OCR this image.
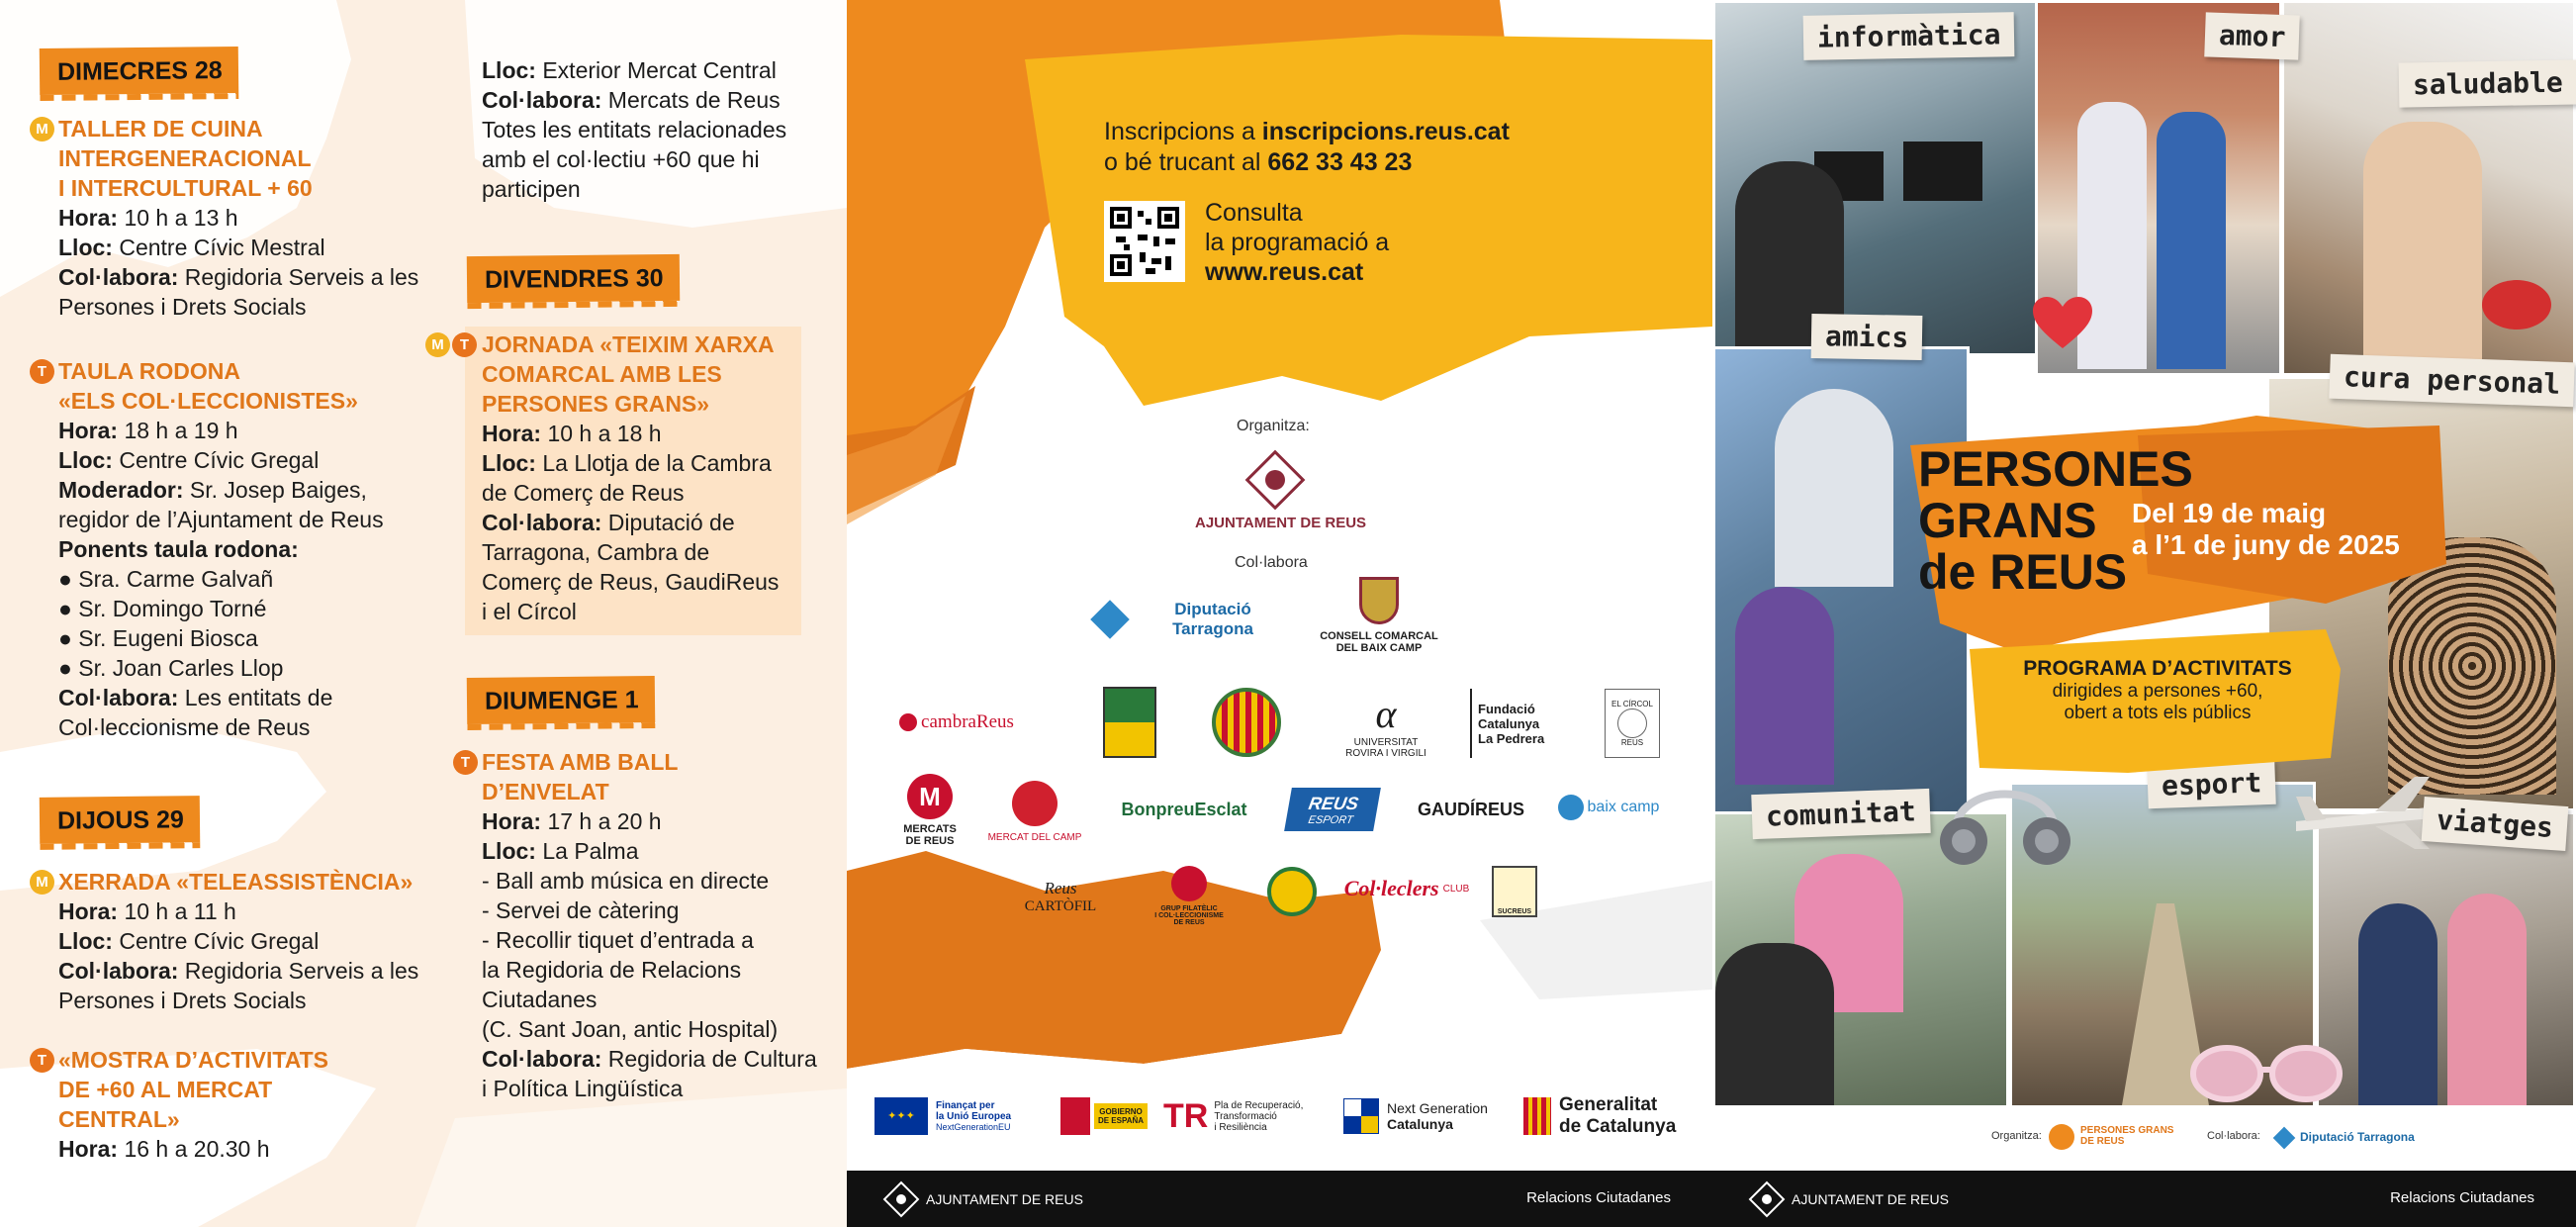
DIMECRES 28
M TALLER DE CUINA
INTERGENERACIONAL
I INTERCULTURAL + 60
Hora: 10 h a 13 h
Lloc: Centre Cívic Mestral
Col·labora: Regidoria Serveis a les
Persones i Drets Socials
T TAULA RODONA
«ELS COL·LECCIONISTES»
Hora: 18 h a 19 h
Lloc: Centre Cívic Gregal
Moderador: Sr. Josep Baiges,
regidor de l’Ajuntament de Reus
Ponents taula rodona:
● Sra. Carme Galvañ
● Sr. Domingo Torné
● Sr. Eugeni Biosca
● Sr. Joan Carles Llop
Col·labora: Les entitats de
Col·leccionisme de Reus
DIJOUS 29
M XERRADA «TELEASSISTÈNCIA»
Hora: 10 h a 11 h
Lloc: Centre Cívic Gregal
Col·labora: Regidoria Serveis a les
Persones i Drets Socials
T «MOSTRA D’ACTIVITATS
DE +60 AL MERCAT
CENTRAL»
Hora: 16 h a 20.30 h
Lloc: Exterior Mercat Central
Col·labora: Mercats de Reus
Totes les entitats relacionades
amb el col·lectiu +60 que hi
participen
DIVENDRES 30
M	T JORNADA «TEIXIM XARXA
COMARCAL AMB LES
PERSONES GRANS»
Hora: 10 h a 18 h
Lloc: La Llotja de la Cambra
de Comerç de Reus
Col·labora: Diputació de
Tarragona, Cambra de
Comerç de Reus, GaudiReus
i el Círcol
DIUMENGE 1
T FESTA AMB BALL
D’ENVELAT
Hora: 17 h a 20 h
Lloc: La Palma
- Ball amb música en directe
- Servei de càtering
- Recollir tiquet d’entrada a
la Regidoria de Relacions
Ciutadanes
(C. Sant Joan, antic Hospital)
Col·labora: Regidoria de Cultura
i Política Lingüística
Inscripcions a inscripcions.reus.cat
o bé trucant al 662 33 43 23
Consulta
la programació a
www.reus.cat
Organitza:
AJUNTAMENT DE REUS
Col·labora
Diputació Tarragona	CONSELL COMARCAL
DEL BAIX CAMP
cambraReus	α
UNIVERSITAT
ROVIRA I VIRGILI
Fundació
Catalunya
La Pedrera
EL CÍRCOL
REUS
M
MERCATS
DE REUS	MERCAT DEL CAMP
BonpreuEsclat	REUS
ESPORT
GAUDÍREUS	baix camp
Reus
CARTÒFIL	GRUP FILATÈLIC
I COL·LECCIONISME
DE REUS
Col·leclers CLUB
SUCREUS
✦✦✦
Finançat per
la Unió Europea
NextGenerationEU
GOBIERNO
DE ESPAÑA TR Pla de Recuperació,
Transformació
i Resiliència
Next Generation
Catalunya
Generalitat
de Catalunya
AJUNTAMENT DE REUS	Relacions Ciutadanes
informàtica	amor
saludable
amics
cura personal
comunitat
esport
viatges
PERSONES
GRANS
de REUS
Del 19 de maig
a l’1 de juny de 2025
PROGRAMA D’ACTIVITATS
dirigides a persones +60,
obert a tots els públics
Organitza:	PERSONES GRANS
DE REUS	Col·labora:	Diputació Tarragona
AJUNTAMENT DE REUS	Relacions Ciutadanes
